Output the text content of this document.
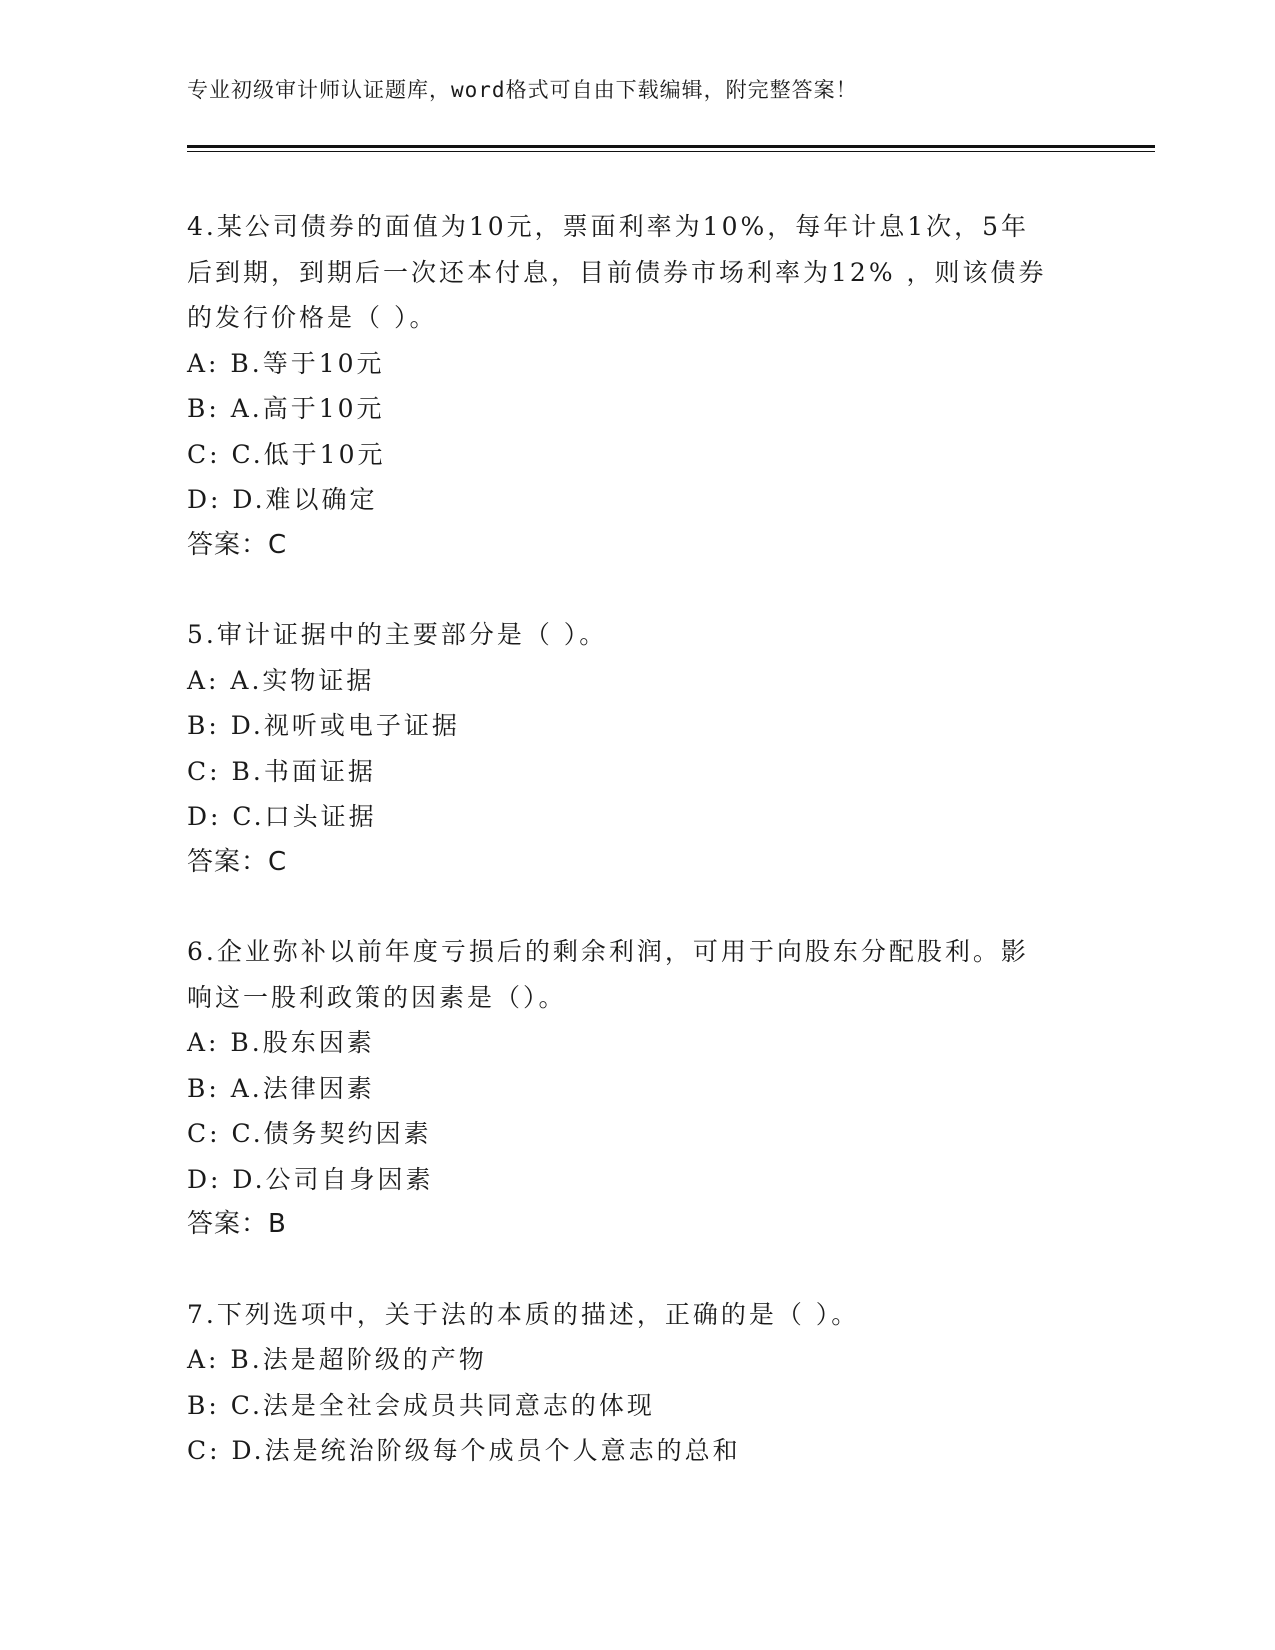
专业初级审计师认证题库，word格式可自由下载编辑，附完整答案！

4.某公司债券的面值为10元，票面利率为10%，每年计息1次，5年
后到期，到期后一次还本付息，目前债券市场利率为12% ，则该债券
的发行价格是（ ）。

A: B.等于10元

B: A.高于10元

C: C.低于10元

D: D.难以确定

答案：C

5.审计证据中的主要部分是（ ）。

A: A.实物证据

B: D.视听或电子证据

C: B.书面证据

D: C.口头证据

答案：C

6.企业弥补以前年度亏损后的剩余利润，可用于向股东分配股利。影
响这一股利政策的因素是（）。

A: B.股东因素

B: A.法律因素

C: C.债务契约因素

D: D.公司自身因素

答案：B

7.下列选项中，关于法的本质的描述，正确的是（ ）。

A: B.法是超阶级的产物

B: C.法是全社会成员共同意志的体现

C: D.法是统治阶级每个成员个人意志的总和
